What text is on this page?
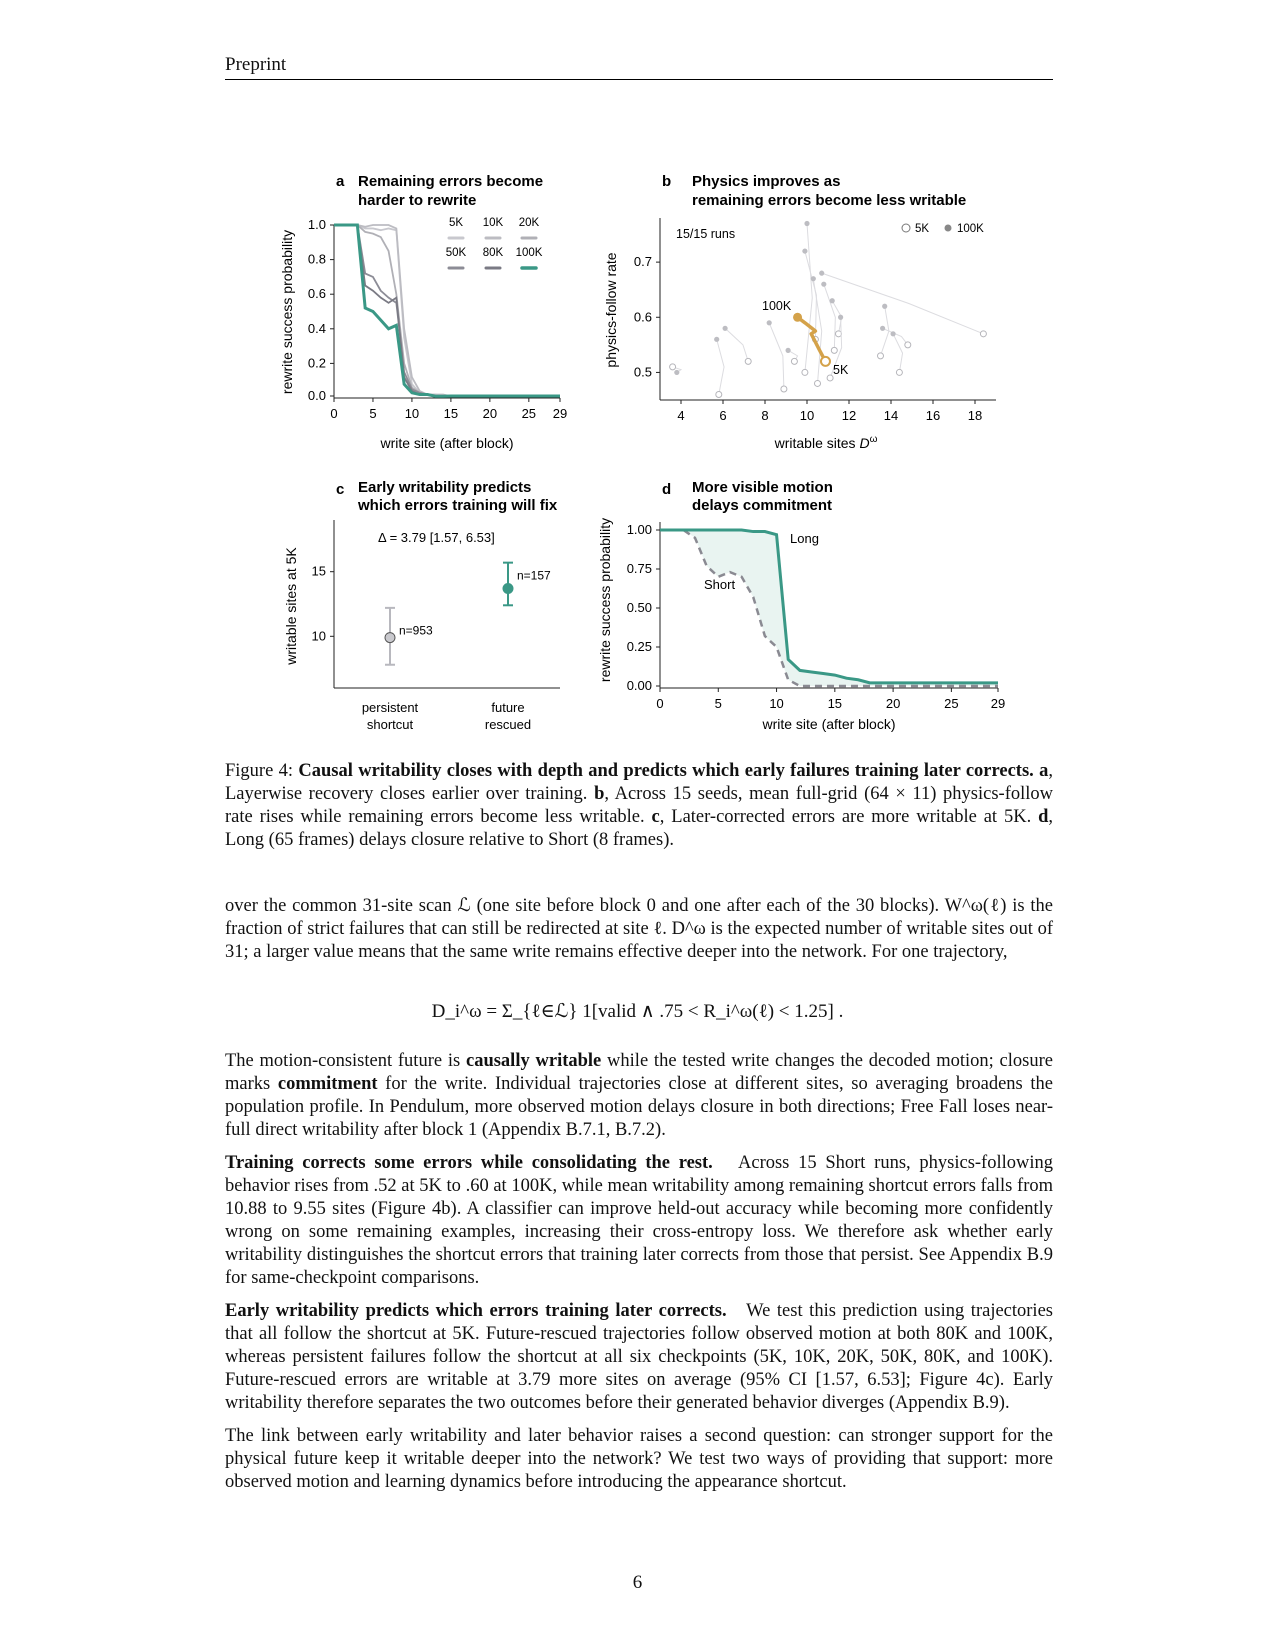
Preprint
a Remaining errors become
harder to rewrite
0.0
0.2
0.4
0.6
0.8
1.0
0 5 10 15 20 25 29
rewrite success probability
write site (after block)
5K 10K 20K
50K 80K 100K
b Physics improves as
remaining errors become less writable
0.5
0.6
0.7
4	6	8 10 12 14 16 18
physics-follow rate
writable sites $D^\omega$
15/15 runs
100K
5K
5K 100K
c Early writability predicts
which errors training will fix
10
15
writable sites at 5K
Δ = 3.79 [1.57, 6.53]
n=953
n=157
persistent
shortcut
future
rescued
d More visible motion
delays commitment
0.00
0.25
0.50
0.75
1.00
0	5	10	15	20	25 29
rewrite success probability
write site (after block)
Long
Short
Figure 4: Causal writability closes with depth and predicts which early failures training later corrects. a, Layerwise recovery closes earlier over training. b, Across 15 seeds, mean full-grid (64 × 11) physics-follow rate rises while remaining errors become less writable. c, Later-corrected errors are more writable at 5K. d, Long (65 frames) delays closure relative to Short (8 frames).
over the common 31-site scan ℒ (one site before block 0 and one after each of the 30 blocks). W^ω(ℓ) is the fraction of strict failures that can still be redirected at site ℓ. D^ω is the expected number of writable sites out of 31; a larger value means that the same write remains effective deeper into the network. For one trajectory,
D_i^ω = Σ_{ℓ∈ℒ} 1[valid ∧ .75 < R_i^ω(ℓ) < 1.25] .

The motion-consistent future is causally writable while the tested write changes the decoded motion; closure marks commitment for the write. Individual trajectories close at different sites, so averaging broadens the population profile. In Pendulum, more observed motion delays closure in both directions; Free Fall loses near-full direct writability after block 1 (Appendix B.7.1, B.7.2).

Training corrects some errors while consolidating the rest. Across 15 Short runs, physics-following behavior rises from .52 at 5K to .60 at 100K, while mean writability among remaining shortcut errors falls from 10.88 to 9.55 sites (Figure 4b). A classifier can improve held-out accuracy while becoming more confidently wrong on some remaining examples, increasing their cross-entropy loss. We therefore ask whether early writability distinguishes the shortcut errors that training later corrects from those that persist. See Appendix B.9 for same-checkpoint comparisons.

Early writability predicts which errors training later corrects. We test this prediction using trajectories that all follow the shortcut at 5K. Future-rescued trajectories follow observed motion at both 80K and 100K, whereas persistent failures follow the shortcut at all six checkpoints (5K, 10K, 20K, 50K, 80K, and 100K). Future-rescued errors are writable at 3.79 more sites on average (95% CI [1.57, 6.53]; Figure 4c). Early writability therefore separates the two outcomes before their generated behavior diverges (Appendix B.9).

The link between early writability and later behavior raises a second question: can stronger support for the physical future keep it writable deeper into the network? We test two ways of providing that support: more observed motion and learning dynamics before introducing the appearance shortcut.

6
